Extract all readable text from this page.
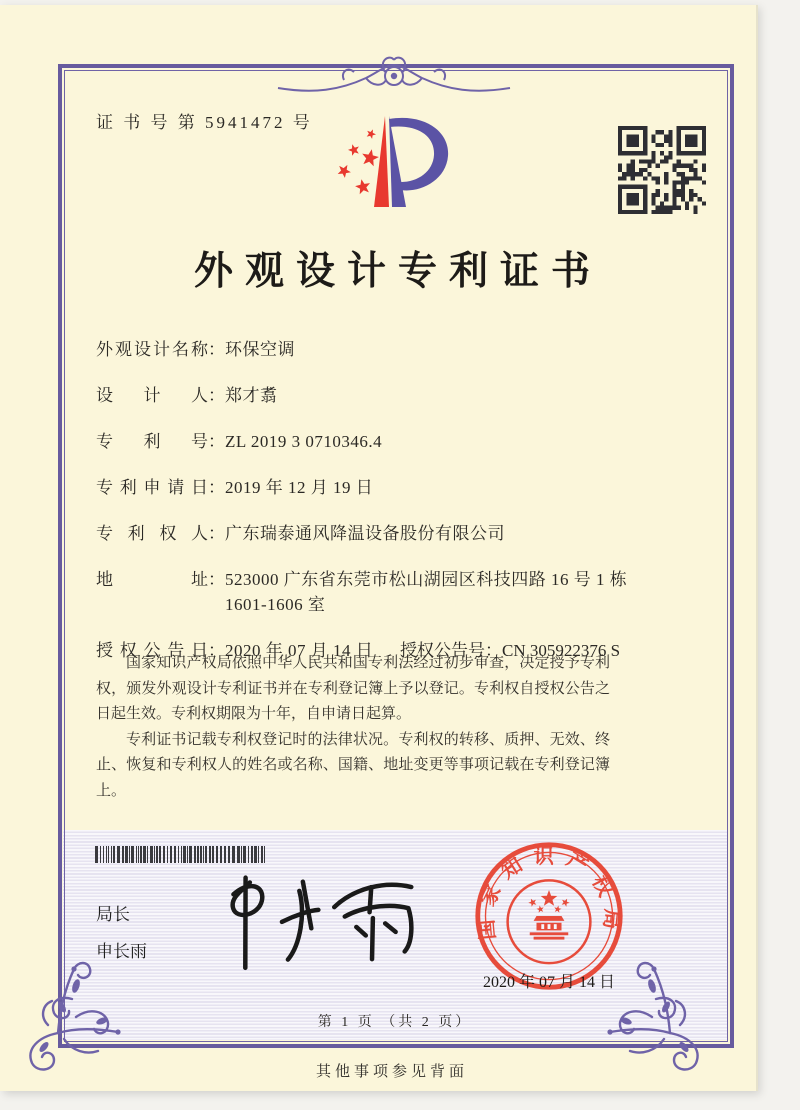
局长
申长雨
国家知识产权局
2020 年 07 月 14 日
第 1 页 （共 2 页）
证 书 号 第 5941472 号
外观设计专利证书
外观设计名称：环保空调
设计人：郑才翥
专利号：ZL 2019 3 0710346.4
专利申请日：2019 年 12 月 19 日
专利权人：广东瑞泰通风降温设备股份有限公司
地址：523000 广东省东莞市松山湖园区科技四路 16 号 1 栋 1601-1606 室
授权公告日：2020 年 07 月 14 日 授权公告号：CN 305922376 S

国家知识产权局依照中华人民共和国专利法经过初步审查，决定授予专利权，颁发外观设计专利证书并在专利登记簿上予以登记。专利权自授权公告之日起生效。专利权期限为十年，自申请日起算。

专利证书记载专利权登记时的法律状况。专利权的转移、质押、无效、终止、恢复和专利权人的姓名或名称、国籍、地址变更等事项记载在专利登记簿上。

其他事项参见背面
